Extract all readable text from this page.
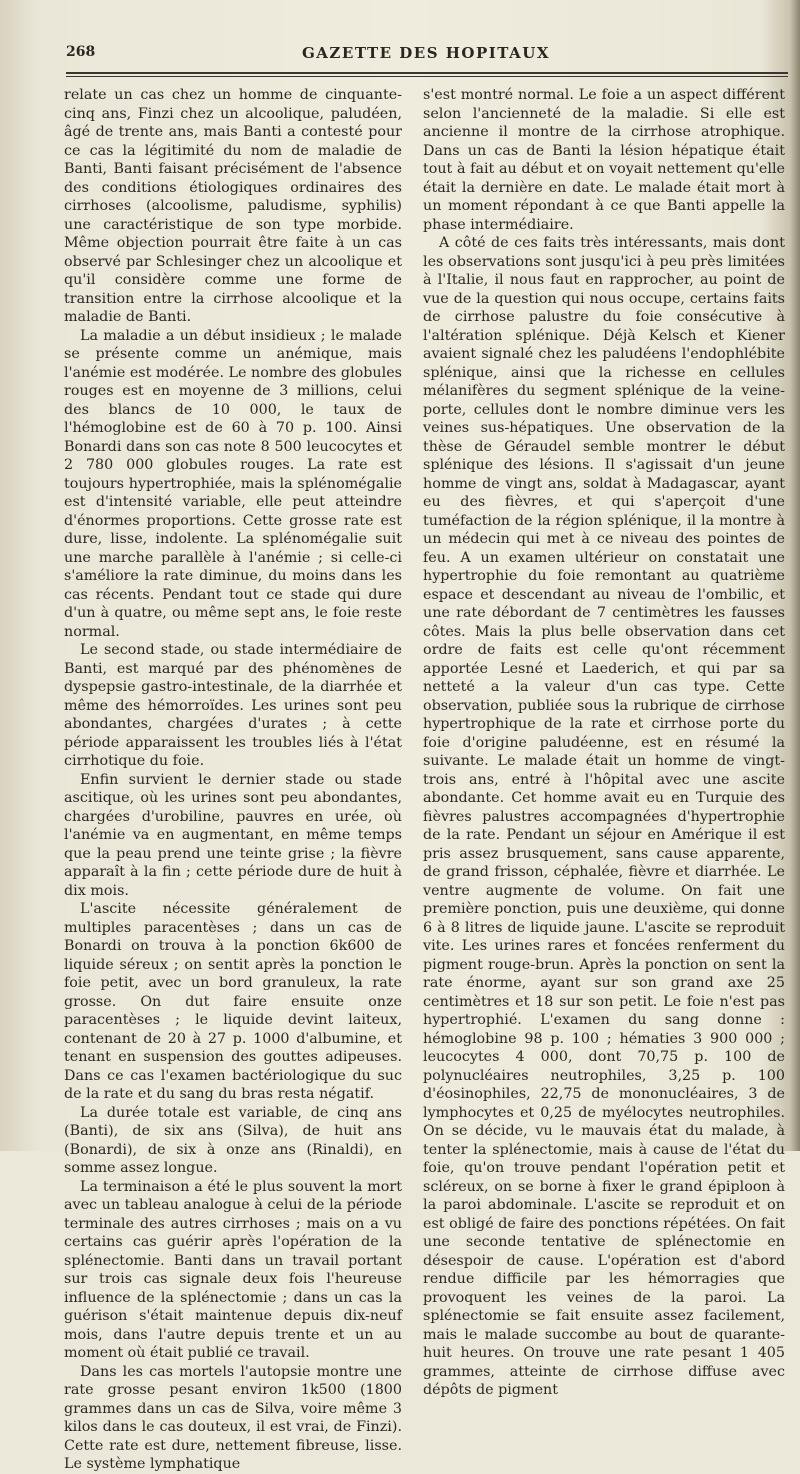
268	GAZETTE DES HOPITAUX

relate un cas chez un homme de cinquante-cinq ans, Finzi chez un alcoolique, paludéen, âgé de trente ans, mais Banti a contesté pour ce cas la légitimité du nom de maladie de Banti, Banti faisant précisément de l'absence des conditions étiologiques ordinaires des cirrhoses (alcoolisme, paludisme, syphilis) une caractéristique de son type morbide. Même objection pourrait être faite à un cas observé par Schlesinger chez un alcoolique et qu'il considère comme une forme de transition entre la cirrhose alcoolique et la maladie de Banti.

La maladie a un début insidieux ; le malade se présente comme un anémique, mais l'anémie est modérée. Le nombre des globules rouges est en moyenne de 3 millions, celui des blancs de 10 000, le taux de l'hémoglobine est de 60 à 70 p. 100. Ainsi Bonardi dans son cas note 8 500 leucocytes et 2 780 000 globules rouges. La rate est toujours hypertrophiée, mais la splénomégalie est d'intensité variable, elle peut atteindre d'énormes proportions. Cette grosse rate est dure, lisse, indolente. La splénomégalie suit une marche parallèle à l'anémie ; si celle-ci s'améliore la rate diminue, du moins dans les cas récents. Pendant tout ce stade qui dure d'un à quatre, ou même sept ans, le foie reste normal.

Le second stade, ou stade intermédiaire de Banti, est marqué par des phénomènes de dyspepsie gastro-intestinale, de la diarrhée et même des hémorroïdes. Les urines sont peu abondantes, chargées d'urates ; à cette période apparaissent les troubles liés à l'état cirrhotique du foie.

Enfin survient le dernier stade ou stade ascitique, où les urines sont peu abondantes, chargées d'urobiline, pauvres en urée, où l'anémie va en augmentant, en même temps que la peau prend une teinte grise ; la fièvre apparaît à la fin ; cette période dure de huit à dix mois.

L'ascite nécessite généralement de multiples paracentèses ; dans un cas de Bonardi on trouva à la ponction 6k600 de liquide séreux ; on sentit après la ponction le foie petit, avec un bord granuleux, la rate grosse. On dut faire ensuite onze paracentèses ; le liquide devint laiteux, contenant de 20 à 27 p. 1000 d'albumine, et tenant en suspension des gouttes adipeuses. Dans ce cas l'examen bactériologique du suc de la rate et du sang du bras resta négatif.

La durée totale est variable, de cinq ans (Banti), de six ans (Silva), de huit ans (Bonardi), de six à onze ans (Rinaldi), en somme assez longue.

La terminaison a été le plus souvent la mort avec un tableau analogue à celui de la période terminale des autres cirrhoses ; mais on a vu certains cas guérir après l'opération de la splénectomie. Banti dans un travail portant sur trois cas signale deux fois l'heureuse influence de la splénectomie ; dans un cas la guérison s'était maintenue depuis dix-neuf mois, dans l'autre depuis trente et un au moment où était publié ce travail.

Dans les cas mortels l'autopsie montre une rate grosse pesant environ 1k500 (1800 grammes dans un cas de Silva, voire même 3 kilos dans le cas douteux, il est vrai, de Finzi). Cette rate est dure, nettement fibreuse, lisse. Le système lymphatique

s'est montré normal. Le foie a un aspect différent selon l'ancienneté de la maladie. Si elle est ancienne il montre de la cirrhose atrophique. Dans un cas de Banti la lésion hépatique était tout à fait au début et on voyait nettement qu'elle était la dernière en date. Le malade était mort à un moment répondant à ce que Banti appelle la phase intermédiaire.

A côté de ces faits très intéressants, mais dont les observations sont jusqu'ici à peu près limitées à l'Italie, il nous faut en rapprocher, au point de vue de la question qui nous occupe, certains faits de cirrhose palustre du foie consécutive à l'altération splénique. Déjà Kelsch et Kiener avaient signalé chez les paludéens l'endophlébite splénique, ainsi que la richesse en cellules mélanifères du segment splénique de la veine-porte, cellules dont le nombre diminue vers les veines sus-hépatiques. Une observation de la thèse de Géraudel semble montrer le début splénique des lésions. Il s'agissait d'un jeune homme de vingt ans, soldat à Madagascar, ayant eu des fièvres, et qui s'aperçoit d'une tuméfaction de la région splénique, il la montre à un médecin qui met à ce niveau des pointes de feu. A un examen ultérieur on constatait une hypertrophie du foie remontant au quatrième espace et descendant au niveau de l'ombilic, et une rate débordant de 7 centimètres les fausses côtes. Mais la plus belle observation dans cet ordre de faits est celle qu'ont récemment apportée Lesné et Laederich, et qui par sa netteté a la valeur d'un cas type. Cette observation, publiée sous la rubrique de cirrhose hypertrophique de la rate et cirrhose porte du foie d'origine paludéenne, est en résumé la suivante. Le malade était un homme de vingt-trois ans, entré à l'hôpital avec une ascite abondante. Cet homme avait eu en Turquie des fièvres palustres accompagnées d'hypertrophie de la rate. Pendant un séjour en Amérique il est pris assez brusquement, sans cause apparente, de grand frisson, céphalée, fièvre et diarrhée. Le ventre augmente de volume. On fait une première ponction, puis une deuxième, qui donne 6 à 8 litres de liquide jaune. L'ascite se reproduit vite. Les urines rares et foncées renferment du pigment rouge-brun. Après la ponction on sent la rate énorme, ayant sur son grand axe 25 centimètres et 18 sur son petit. Le foie n'est pas hypertrophié. L'examen du sang donne : hémoglobine 98 p. 100 ; hématies 3 900 000 ; leucocytes 4 000, dont 70,75 p. 100 de polynucléaires neutrophiles, 3,25 p. 100 d'éosinophiles, 22,75 de mononucléaires, 3 de lymphocytes et 0,25 de myélocytes neutrophiles. On se décide, vu le mauvais état du malade, à tenter la splénectomie, mais à cause de l'état du foie, qu'on trouve pendant l'opération petit et scléreux, on se borne à fixer le grand épiploon à la paroi abdominale. L'ascite se reproduit et on est obligé de faire des ponctions répétées. On fait une seconde tentative de splénectomie en désespoir de cause. L'opération est d'abord rendue difficile par les hémorragies que provoquent les veines de la paroi. La splénectomie se fait ensuite assez facilement, mais le malade succombe au bout de quarante-huit heures. On trouve une rate pesant 1 405 grammes, atteinte de cirrhose diffuse avec dépôts de pigment
